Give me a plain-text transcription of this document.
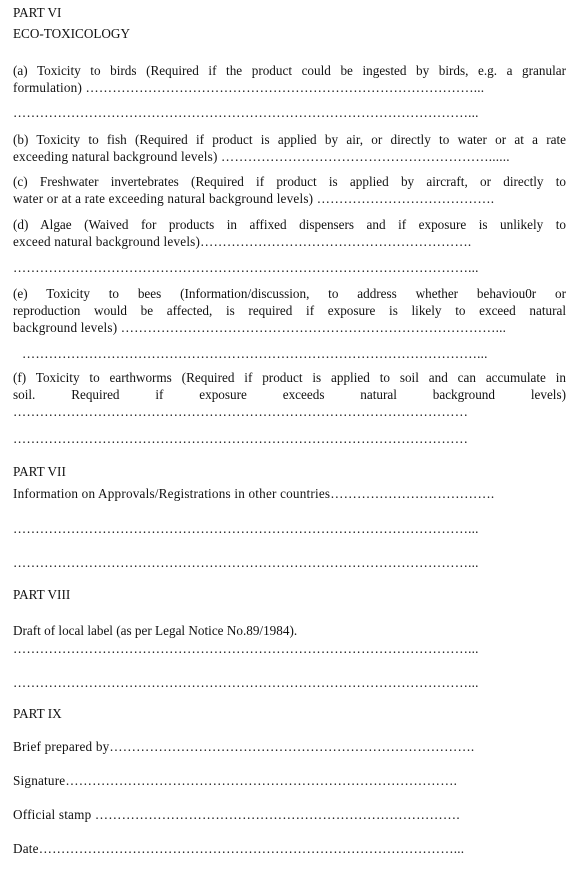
PART VI
ECO-TOXICOLOGY
(a) Toxicity to birds (Required if the product could be ingested by birds, e.g. a granular
formulation) ……………………………………………………………………………...
…………………………………………………………………………………………...
(b) Toxicity to fish (Required if product is applied by air, or directly to water or at a rate
exceeding natural background levels) ……………………………………………………......
(c) Freshwater invertebrates (Required if product is applied by aircraft, or directly to
water or at a rate exceeding natural background levels) ………………………………….
(d) Algae (Waived for products in affixed dispensers and if exposure is unlikely to
exceed natural background levels)…………………………………………………….
…………………………………………………………………………………………...
(e) Toxicity to bees (Information/discussion, to address whether behaviou0r or
reproduction would be affected, is required if exposure is likely to exceed natural
background levels) …………………………………………………………………………...
…………………………………………………………………………………………...
(f) Toxicity to earthworms (Required if product is applied to soil and can accumulate in
soil. Required if exposure exceeds natural background levels)
…………………………………………………………………………………………
…………………………………………………………………………………………
PART VII
Information on Approvals/Registrations in other countries……………………………….
…………………………………………………………………………………………...
…………………………………………………………………………………………...
PART VIII
Draft of local label (as per Legal Notice No.89/1984).
…………………………………………………………………………………………...
…………………………………………………………………………………………...
PART IX
Brief prepared by……………………………………………………………………….
Signature…………………………………………………………………………….
Official stamp ……………………………………………………………………….
Date…………………………………………………………………………………...
